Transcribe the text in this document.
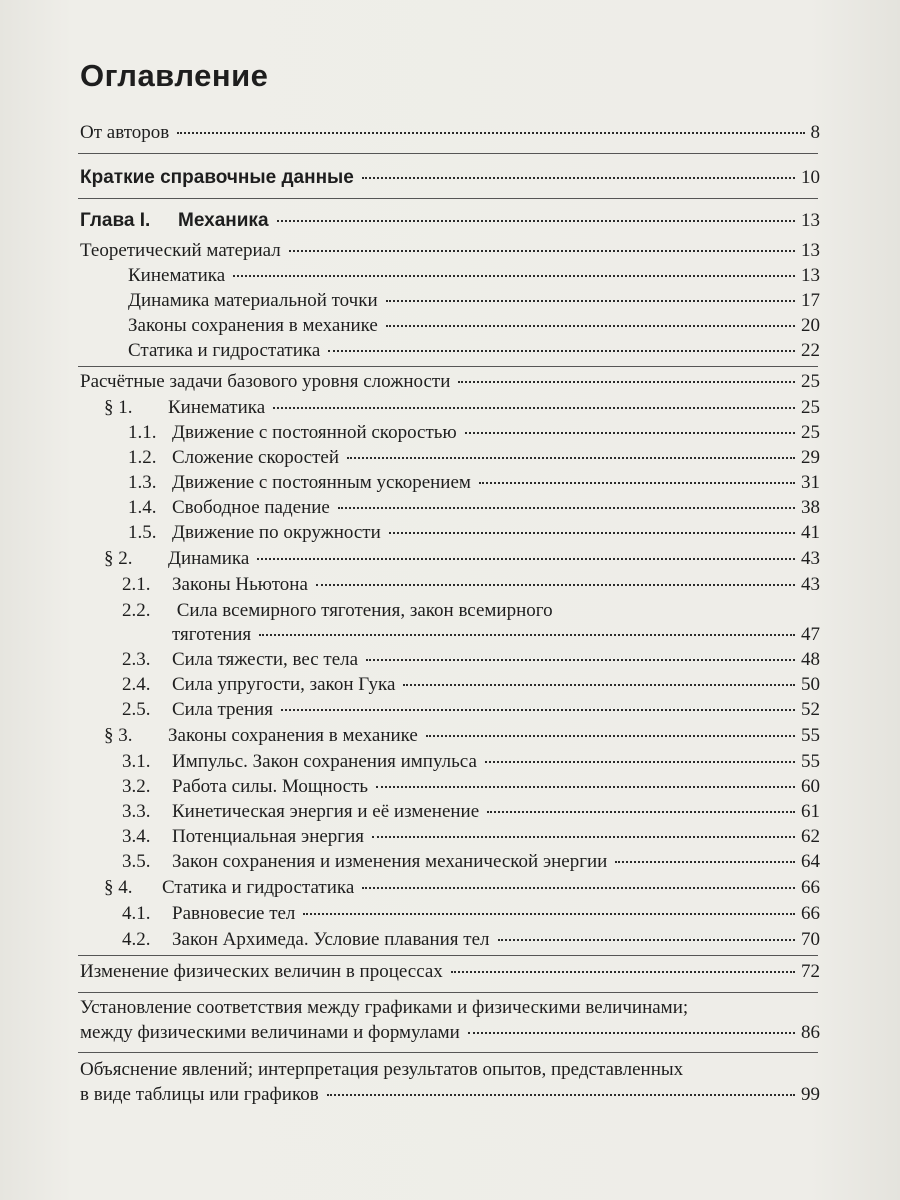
Оглавление
От авторов	8
Краткие справочные данные	10
Глава I.	Механика	13
Теоретический материал	13
Кинематика	13
Динамика материальной точки	17
Законы сохранения в механике	20
Статика и гидростатика	22
Расчётные задачи базового уровня сложности	25
§ 1.	Кинематика	25
1.1. Движение с постоянной скоростью	25
1.2. Сложение скоростей	29
1.3. Движение с постоянным ускорением	31
1.4. Свободное падение	38
1.5. Движение по окружности	41
§ 2.	Динамика	43
2.1.	Законы Ньютона	43
2.2. Сила всемирного тяготения, закон всемирного
тяготения	47
2.3.	Сила тяжести, вес тела	48
2.4.	Сила упругости, закон Гука	50
2.5.	Сила трения	52
§ 3.	Законы сохранения в механике	55
3.1.	Импульс. Закон сохранения импульса	55
3.2.	Работа силы. Мощность	60
3.3.	Кинетическая энергия и её изменение	61
3.4.	Потенциальная энергия	62
3.5.	Закон сохранения и изменения механической энергии	64
§ 4.	Статика и гидростатика	66
4.1.	Равновесие тел	66
4.2.	Закон Архимеда. Условие плавания тел	70
Изменение физических величин в процессах	72
Установление соответствия между графиками и физическими величинами;
между физическими величинами и формулами	86
Объяснение явлений; интерпретация результатов опытов, представленных
в виде таблицы или графиков	99
